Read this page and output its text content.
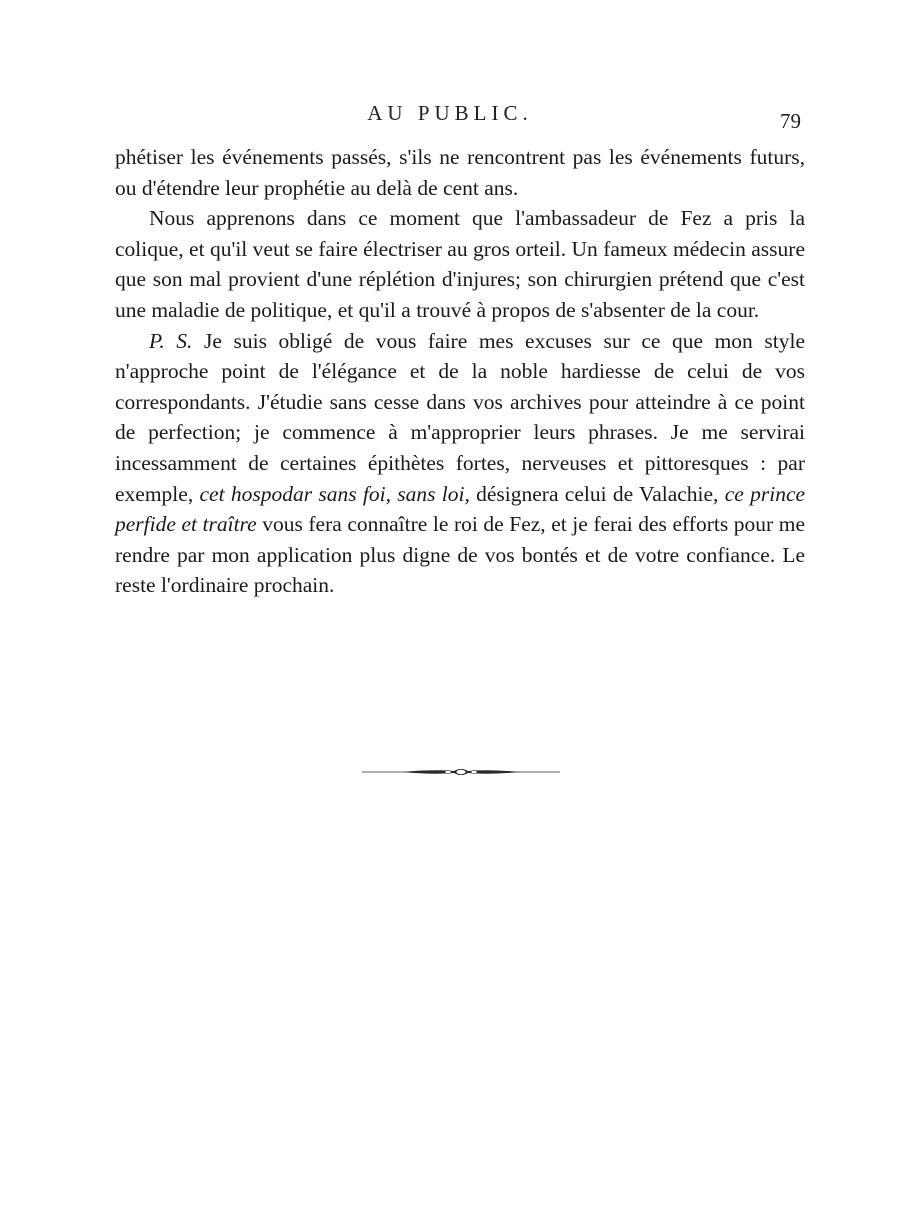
AU PUBLIC.	79

phétiser les événements passés, s'ils ne rencontrent pas les événements futurs, ou d'étendre leur prophétie au delà de cent ans.

Nous apprenons dans ce moment que l'ambassadeur de Fez a pris la colique, et qu'il veut se faire électriser au gros orteil. Un fameux médecin assure que son mal provient d'une réplétion d'injures; son chirurgien prétend que c'est une maladie de politique, et qu'il a trouvé à propos de s'absenter de la cour.

P. S. Je suis obligé de vous faire mes excuses sur ce que mon style n'approche point de l'élégance et de la noble hardiesse de celui de vos correspondants. J'étudie sans cesse dans vos archives pour atteindre à ce point de perfection; je commence à m'approprier leurs phrases. Je me servirai incessamment de certaines épithètes fortes, nerveuses et pittoresques : par exemple, cet hospodar sans foi, sans loi, désignera celui de Valachie, ce prince perfide et traître vous fera connaître le roi de Fez, et je ferai des efforts pour me rendre par mon application plus digne de vos bontés et de votre confiance. Le reste l'ordinaire prochain.
